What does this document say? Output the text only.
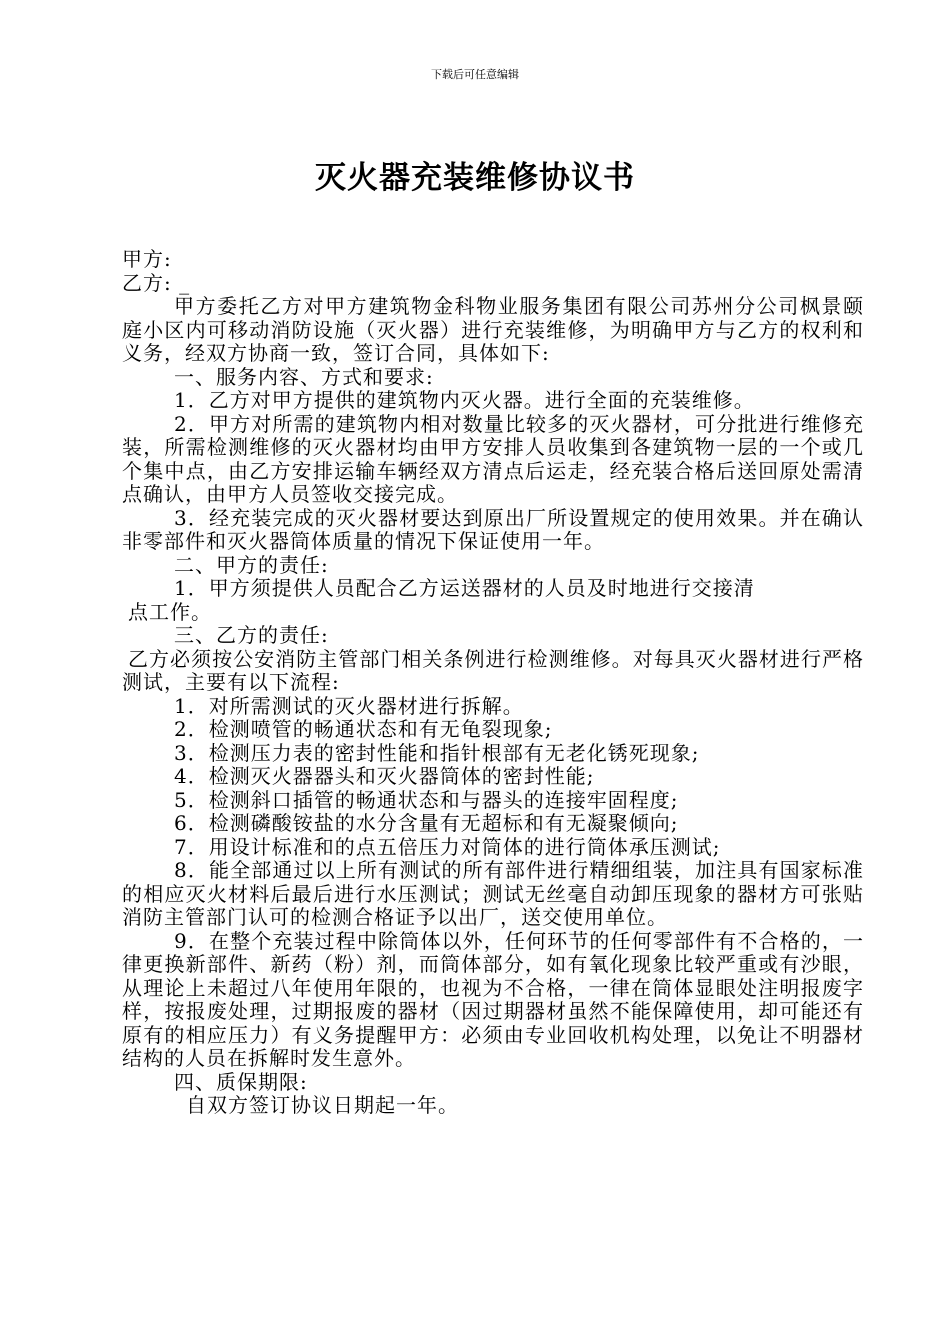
下载后可任意编辑
灭火器充装维修协议书

甲方:

乙方: _

甲方委托乙方对甲方建筑物金科物业服务集团有限公司苏州分公司枫景颐庭小区内可移动消防设施（灭火器）进行充装维修，为明确甲方与乙方的权利和义务，经双方协商一致，签订合同，具体如下:

一、服务内容、方式和要求:

1．乙方对甲方提供的建筑物内灭火器。进行全面的充装维修。

2．甲方对所需的建筑物内相对数量比较多的灭火器材，可分批进行维修充装，所需检测维修的灭火器材均由甲方安排人员收集到各建筑物一层的一个或几个集中点，由乙方安排运输车辆经双方清点后运走，经充装合格后送回原处需清点确认，由甲方人员签收交接完成。

3．经充装完成的灭火器材要达到原出厂所设置规定的使用效果。并在确认非零部件和灭火器筒体质量的情况下保证使用一年。

二、甲方的责任:

1．甲方须提供人员配合乙方运送器材的人员及时地进行交接清

点工作。

三、乙方的责任:

乙方必须按公安消防主管部门相关条例进行检测维修。对每具灭火器材进行严格测试，主要有以下流程:

1．对所需测试的灭火器材进行拆解。

2．检测喷管的畅通状态和有无龟裂现象;

3．检测压力表的密封性能和指针根部有无老化锈死现象;

4．检测灭火器器头和灭火器筒体的密封性能;

5．检测斜口插管的畅通状态和与器头的连接牢固程度;

6．检测磷酸铵盐的水分含量有无超标和有无凝聚倾向;

7．用设计标准和的点五倍压力对筒体的进行筒体承压测试;

8．能全部通过以上所有测试的所有部件进行精细组装，加注具有国家标准的相应灭火材料后最后进行水压测试；测试无丝毫自动卸压现象的器材方可张贴消防主管部门认可的检测合格证予以出厂，送交使用单位。

9．在整个充装过程中除筒体以外，任何环节的任何零部件有不合格的，一律更换新部件、新药（粉）剂，而筒体部分，如有氧化现象比较严重或有沙眼，从理论上未超过八年使用年限的，也视为不合格，一律在筒体显眼处注明报废字样，按报废处理，过期报废的器材（因过期器材虽然不能保障使用，却可能还有原有的相应压力）有义务提醒甲方：必须由专业回收机构处理，以免让不明器材结构的人员在拆解时发生意外。

四、质保期限:

自双方签订协议日期起一年。
